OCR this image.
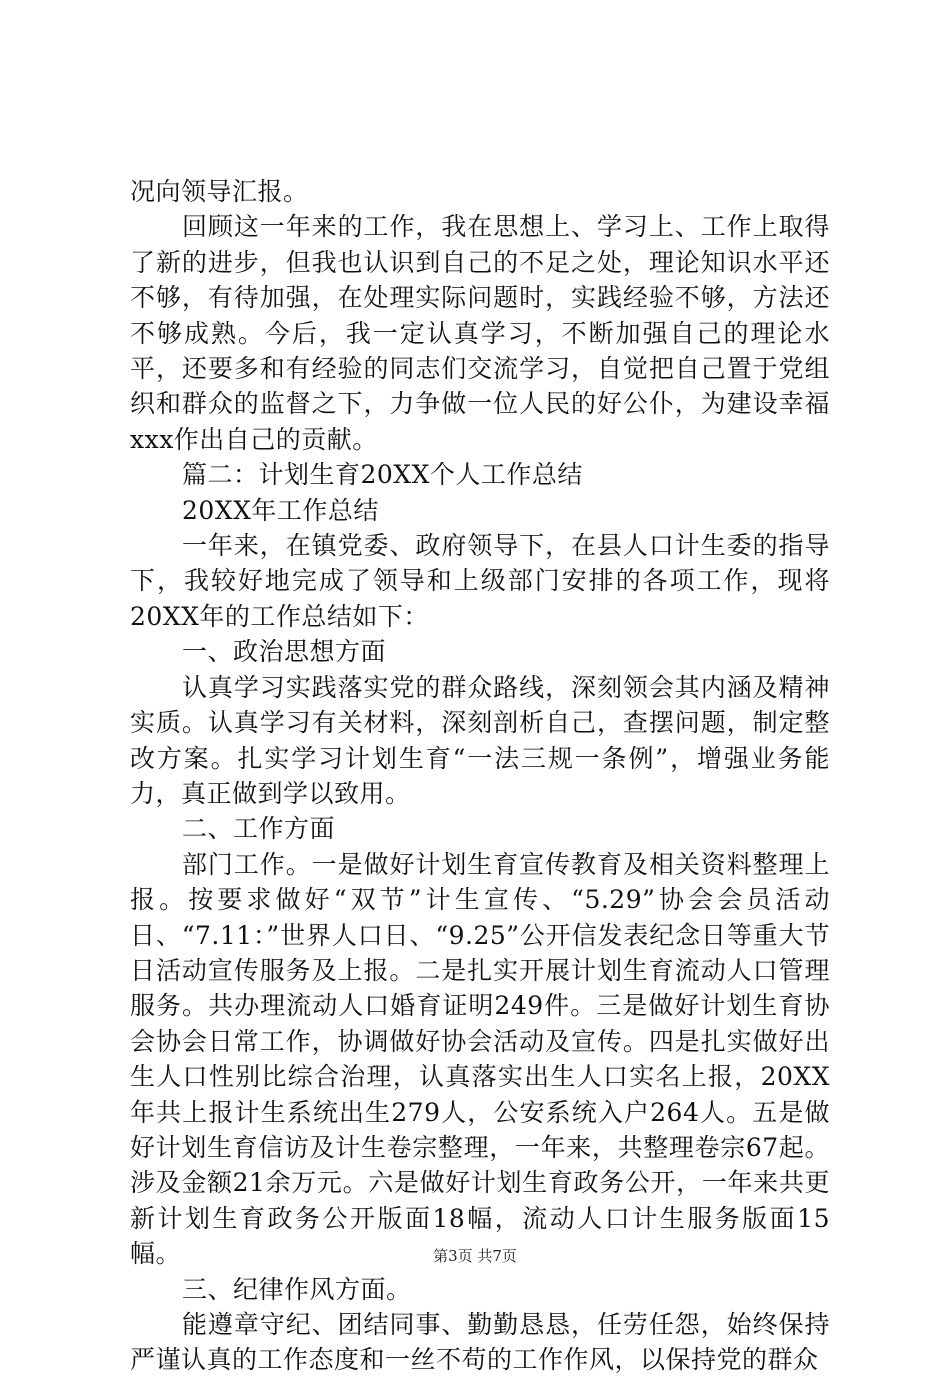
况向领导汇报。

回顾这一年来的工作，我在思想上、学习上、工作上取得了新的进步，但我也认识到自己的不足之处，理论知识水平还不够，有待加强，在处理实际问题时，实践经验不够，方法还不够成熟。今后，我一定认真学习，不断加强自己的理论水平，还要多和有经验的同志们交流学习，自觉把自己置于党组织和群众的监督之下，力争做一位人民的好公仆，为建设幸福xxx作出自己的贡献。

篇二：计划生育20XX个人工作总结

20XX年工作总结

一年来，在镇党委、政府领导下，在县人口计生委的指导下，我较好地完成了领导和上级部门安排的各项工作，现将20XX年的工作总结如下：

一、政治思想方面

认真学习实践落实党的群众路线，深刻领会其内涵及精神实质。认真学习有关材料，深刻剖析自己，查摆问题，制定整改方案。扎实学习计划生育“一法三规一条例”，增强业务能力，真正做到学以致用。

二、工作方面

部门工作。一是做好计划生育宣传教育及相关资料整理上报。按要求做好“双节”计生宣传、“5.29”协会会员活动日、“7.11：”世界人口日、“9.25”公开信发表纪念日等重大节日活动宣传服务及上报。二是扎实开展计划生育流动人口管理服务。共办理流动人口婚育证明249件。三是做好计划生育协会协会日常工作，协调做好协会活动及宣传。四是扎实做好出生人口性别比综合治理，认真落实出生人口实名上报，20XX年共上报计生系统出生279人，公安系统入户264人。五是做好计划生育信访及计生卷宗整理，一年来，共整理卷宗67起。涉及金额21余万元。六是做好计划生育政务公开，一年来共更新计划生育政务公开版面18幅，流动人口计生服务版面15幅。

三、纪律作风方面。

能遵章守纪、团结同事、勤勤恳恳，任劳任怨，始终保持严谨认真的工作态度和一丝不苟的工作作风，以保持党的群众

第3页 共7页
